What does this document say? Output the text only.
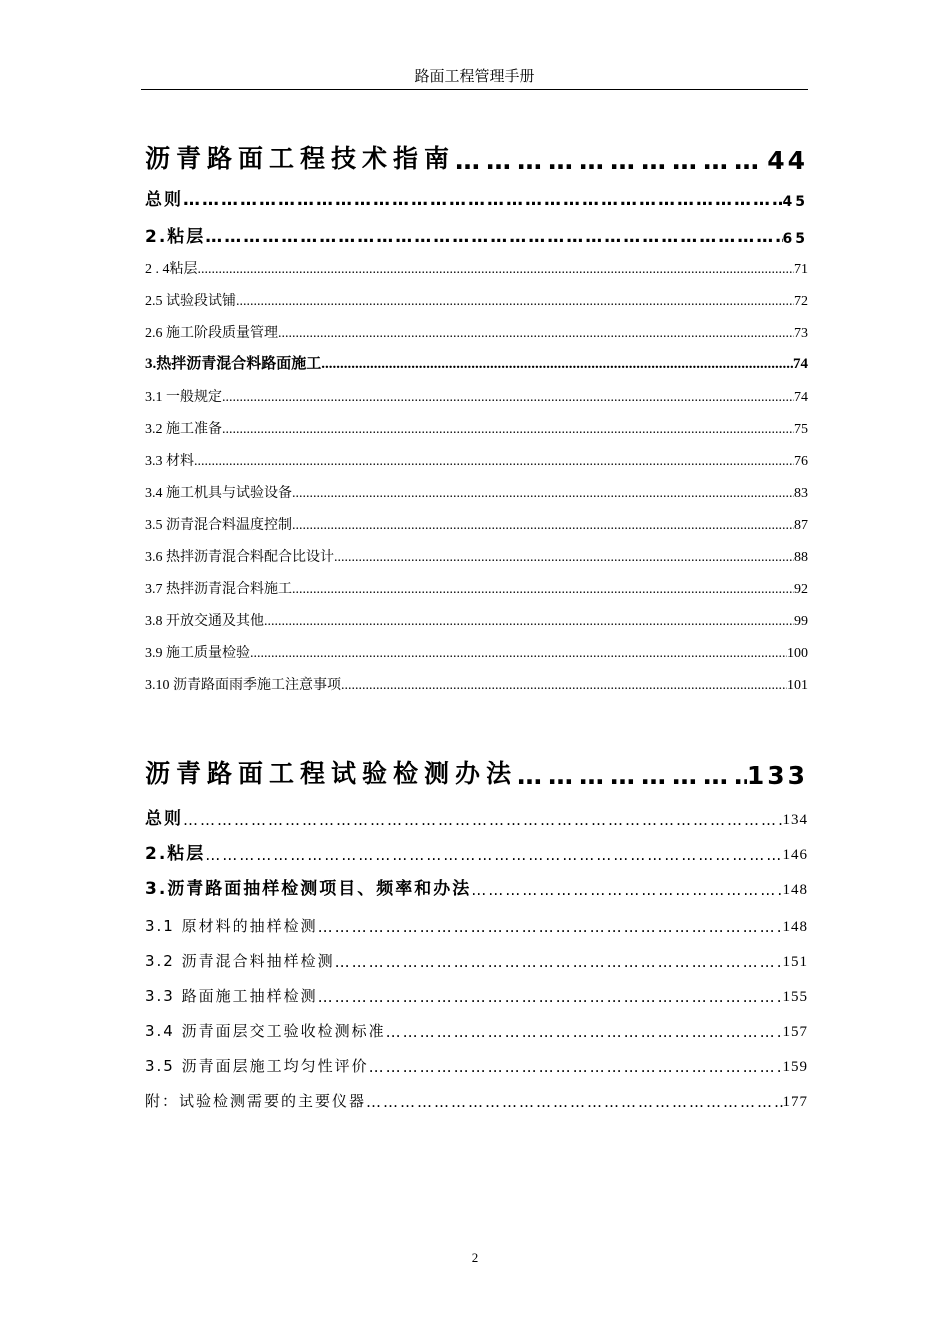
路面工程管理手册
沥青路面工程技术指南 …………………………………………………………………………………………………………………………………………………………………………………………………………………………………………………	44
总则 …………………………………………………………………………………………………………………………………………………………………………………………………………………………………………………	45
2.粘层 …………………………………………………………………………………………………………………………………………………………………………………………………………………………………………………	65
2 . 4粘层 .....	71
2.5 试验段试铺 .....	72
2.6 施工阶段质量管理 .....	73
3.热拌沥青混合料路面施工 .....	74
3.1 一般规定 .....	74
3.2 施工准备 .....	75
3.3 材料 .....	76
3.4 施工机具与试验设备 .....	83
3.5 沥青混合料温度控制 .....	87
3.6 热拌沥青混合料配合比设计 .....	88
3.7 热拌沥青混合料施工 .....	92
3.8 开放交通及其他 .....	99
3.9 施工质量检验 .....	100
3.10 沥青路面雨季施工注意事项 .....	101
沥青路面工程试验检测办法 …………………………………………………………………………………………………………………………………………………………………………………………………………………………………………………	133
总则 …………………………………………………………………………………………………………………………………………………………………………………………………………………………………………………	134
2.粘层 …………………………………………………………………………………………………………………………………………………………………………………………………………………………………………………	146
3.沥青路面抽样检测项目、频率和办法 …………………………………………………………………………………………………………………………………………………………………………………………………………………………………………………	148
3.1 原材料的抽样检测 …………………………………………………………………………………………………………………………………………………………………………………………………………………………………………………	148
3.2 沥青混合料抽样检测 …………………………………………………………………………………………………………………………………………………………………………………………………………………………………………………	151
3.3 路面施工抽样检测 …………………………………………………………………………………………………………………………………………………………………………………………………………………………………………………	155
3.4 沥青面层交工验收检测标准 …………………………………………………………………………………………………………………………………………………………………………………………………………………………………………………	157
3.5 沥青面层施工均匀性评价 …………………………………………………………………………………………………………………………………………………………………………………………………………………………………………………	159
附：试验检测需要的主要仪器 …………………………………………………………………………………………………………………………………………………………………………………………………………………………………………………	177
2
